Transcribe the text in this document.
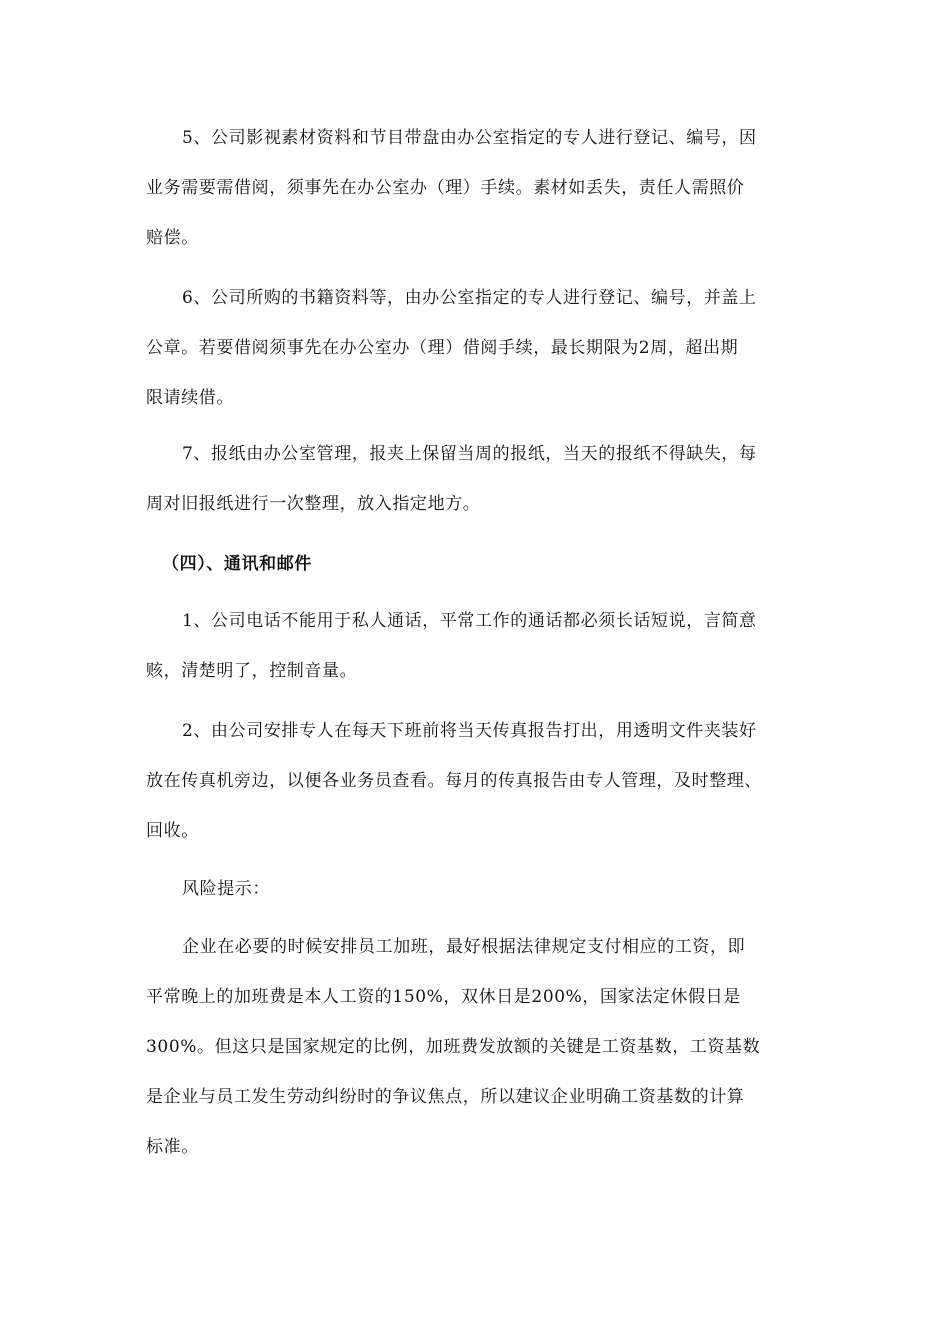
5、公司影视素材资料和节目带盘由办公室指定的专人进行登记、编号，因
业务需要需借阅，须事先在办公室办（理）手续。素材如丢失，责任人需照价
赔偿。
6、公司所购的书籍资料等，由办公室指定的专人进行登记、编号，并盖上
公章。若要借阅须事先在办公室办（理）借阅手续，最长期限为2周，超出期
限请续借。
7、报纸由办公室管理，报夹上保留当周的报纸，当天的报纸不得缺失，每
周对旧报纸进行一次整理，放入指定地方。
（四）、通讯和邮件
1、公司电话不能用于私人通话，平常工作的通话都必须长话短说，言简意
赅，清楚明了，控制音量。
2、由公司安排专人在每天下班前将当天传真报告打出，用透明文件夹装好
放在传真机旁边，以便各业务员查看。每月的传真报告由专人管理，及时整理、
回收。
风险提示：
企业在必要的时候安排员工加班，最好根据法律规定支付相应的工资，即
平常晚上的加班费是本人工资的150%，双休日是200%，国家法定休假日是
300%。但这只是国家规定的比例，加班费发放额的关键是工资基数，工资基数
是企业与员工发生劳动纠纷时的争议焦点，所以建议企业明确工资基数的计算
标准。
